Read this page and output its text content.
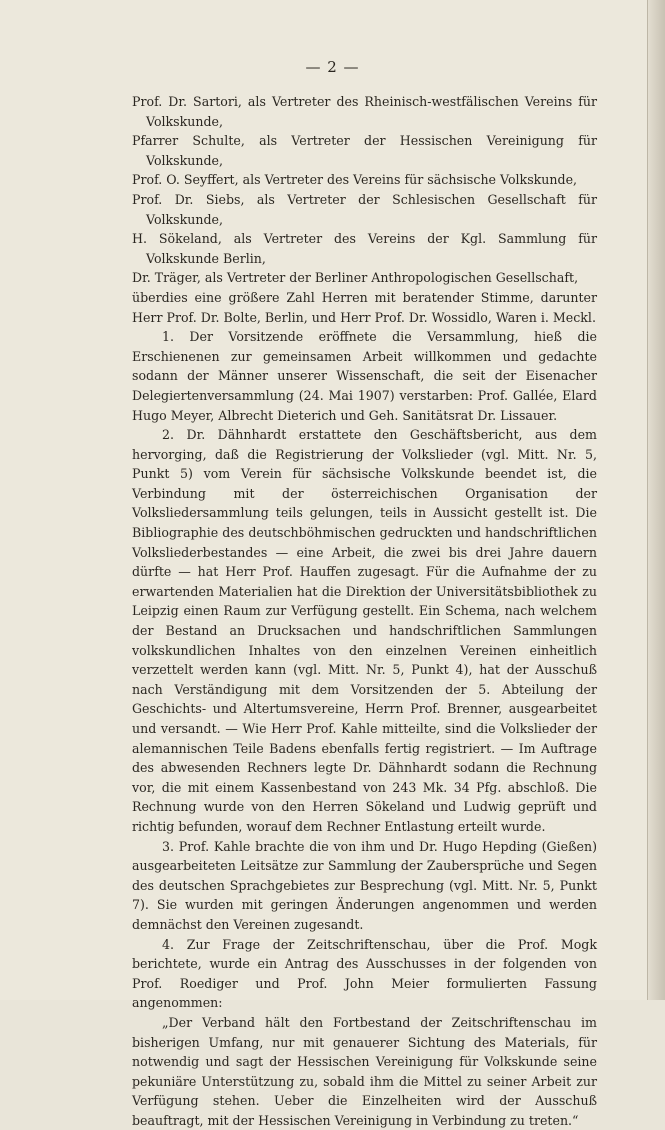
— 2 —

Prof. Dr. Sartori, als Vertreter des Rheinisch-westfälischen Vereins für Volkskunde,

Pfarrer Schulte, als Vertreter der Hessischen Vereinigung für Volkskunde,

Prof. O. Seyffert, als Vertreter des Vereins für sächsische Volkskunde,

Prof. Dr. Siebs, als Vertreter der Schlesischen Gesellschaft für Volkskunde,

H. Sökeland, als Vertreter des Vereins der Kgl. Sammlung für Volkskunde Berlin,

Dr. Träger, als Vertreter der Berliner Anthropologischen Gesellschaft,

überdies eine größere Zahl Herren mit beratender Stimme, darunter Herr Prof. Dr. Bolte, Berlin, und Herr Prof. Dr. Wossidlo, Waren i. Meckl.

1. Der Vorsitzende eröffnete die Versammlung, hieß die Erschienenen zur gemeinsamen Arbeit willkommen und gedachte sodann der Männer unserer Wissenschaft, die seit der Eisenacher Delegiertenversammlung (24. Mai 1907) verstarben: Prof. Gallée, Elard Hugo Meyer, Albrecht Dieterich und Geh. Sanitätsrat Dr. Lissauer.

2. Dr. Dähnhardt erstattete den Geschäftsbericht, aus dem hervorging, daß die Registrierung der Volkslieder (vgl. Mitt. Nr. 5, Punkt 5) vom Verein für sächsische Volkskunde beendet ist, die Verbindung mit der österreichischen Organisation der Volksliedersammlung teils gelungen, teils in Aussicht gestellt ist. Die Bibliographie des deutschböhmischen gedruckten und handschriftlichen Volksliederbestandes — eine Arbeit, die zwei bis drei Jahre dauern dürfte — hat Herr Prof. Hauffen zugesagt. Für die Aufnahme der zu erwartenden Materialien hat die Direktion der Universitätsbibliothek zu Leipzig einen Raum zur Verfügung gestellt. Ein Schema, nach welchem der Bestand an Drucksachen und handschriftlichen Sammlungen volkskundlichen Inhaltes von den einzelnen Vereinen einheitlich verzettelt werden kann (vgl. Mitt. Nr. 5, Punkt 4), hat der Ausschuß nach Verständigung mit dem Vorsitzenden der 5. Abteilung der Geschichts- und Altertumsvereine, Herrn Prof. Brenner, ausgearbeitet und versandt. — Wie Herr Prof. Kahle mitteilte, sind die Volkslieder der alemannischen Teile Badens ebenfalls fertig registriert. — Im Auftrage des abwesenden Rechners legte Dr. Dähnhardt sodann die Rechnung vor, die mit einem Kassenbestand von 243 Mk. 34 Pfg. abschloß. Die Rechnung wurde von den Herren Sökeland und Ludwig geprüft und richtig befunden, worauf dem Rechner Entlastung erteilt wurde.

3. Prof. Kahle brachte die von ihm und Dr. Hugo Hepding (Gießen) ausgearbeiteten Leitsätze zur Sammlung der Zaubersprüche und Segen des deutschen Sprachgebietes zur Besprechung (vgl. Mitt. Nr. 5, Punkt 7). Sie wurden mit geringen Änderungen angenommen und werden demnächst den Vereinen zugesandt.

4. Zur Frage der Zeitschriftenschau, über die Prof. Mogk berichtete, wurde ein Antrag des Ausschusses in der folgenden von Prof. Roediger und Prof. John Meier formulierten Fassung angenommen:

„Der Verband hält den Fortbestand der Zeitschriftenschau im bisherigen Umfang, nur mit genauerer Sichtung des Materials, für notwendig und sagt der Hessischen Vereinigung für Volkskunde seine pekuniäre Unterstützung zu, sobald ihm die Mittel zu seiner Arbeit zur Verfügung stehen. Ueber die Einzelheiten wird der Ausschuß beauftragt, mit der Hessischen Vereinigung in Verbindung zu treten.“
